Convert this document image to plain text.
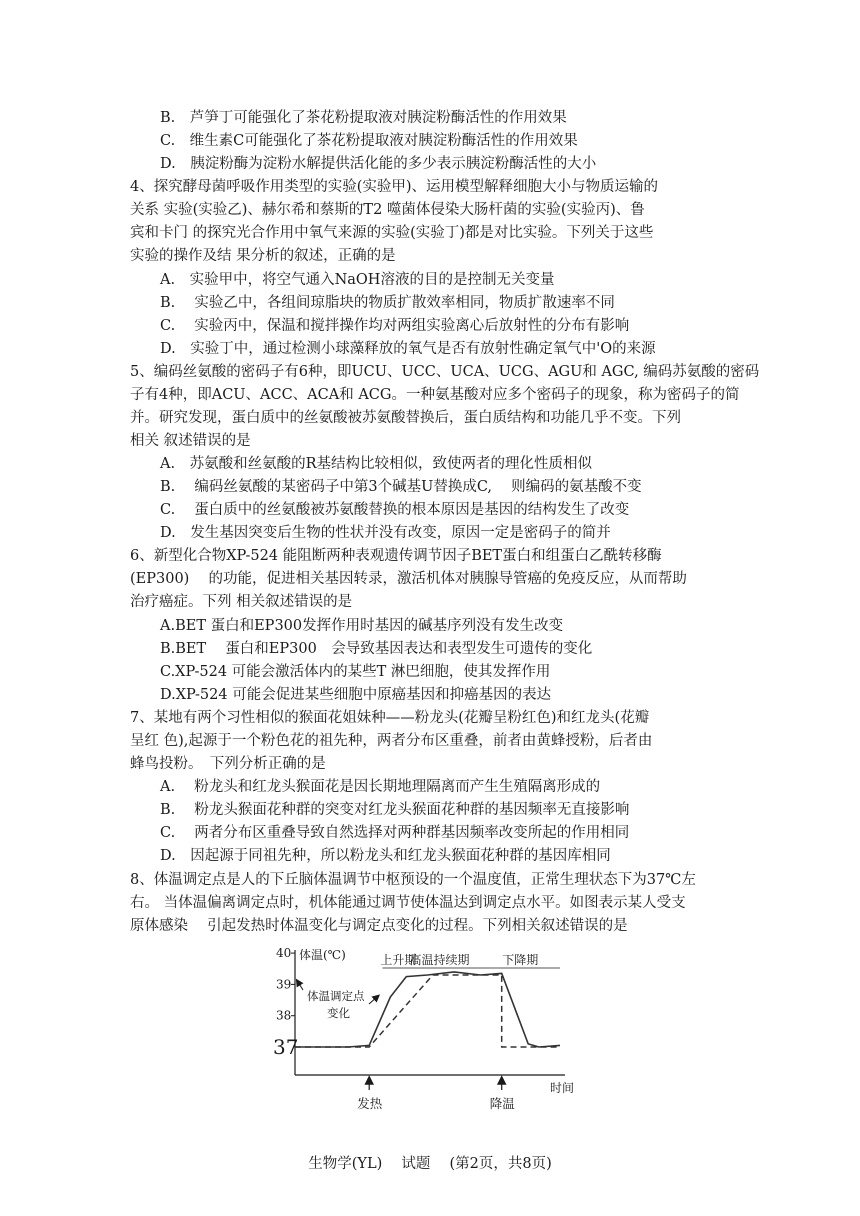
B.　芦笋丁可能强化了茶花粉提取液对胰淀粉酶活性的作用效果
C.　维生素C可能强化了茶花粉提取液对胰淀粉酶活性的作用效果
D.　胰淀粉酶为淀粉水解提供活化能的多少表示胰淀粉酶活性的大小
4、探究酵母菌呼吸作用类型的实验(实验甲)、运用模型解释细胞大小与物质运输的
关系 实验(实验乙)、赫尔希和蔡斯的T2 噬菌体侵染大肠杆菌的实验(实验丙)、鲁
宾和卡门 的探究光合作用中氧气来源的实验(实验丁)都是对比实验。下列关于这些
实验的操作及结 果分析的叙述，正确的是
A.　实验甲中，将空气通入NaOH溶液的目的是控制无关变量
B.　 实验乙中，各组间琼脂块的物质扩散效率相同，物质扩散速率不同
C.　 实验丙中，保温和搅拌操作均对两组实验离心后放射性的分布有影响
D.　实验丁中，通过检测小球藻释放的氧气是否有放射性确定氧气中'O的来源
5、编码丝氨酸的密码子有6种，即UCU、UCC、UCA、UCG、AGU和 AGC, 编码苏氨酸的密码
子有4种，即ACU、ACC、ACA和 ACG。一种氨基酸对应多个密码子的现象，称为密码子的简
并。研究发现，蛋白质中的丝氨酸被苏氨酸替换后，蛋白质结构和功能几乎不变。下列
相关 叙述错误的是
A.　苏氨酸和丝氨酸的R基结构比较相似，致使两者的理化性质相似
B.　 编码丝氨酸的某密码子中第3个碱基U替换成C,　 则编码的氨基酸不变
C.　 蛋白质中的丝氨酸被苏氨酸替换的根本原因是基因的结构发生了改变
D.　发生基因突变后生物的性状并没有改变，原因一定是密码子的简并
6、新型化合物XP-524 能阻断两种表观遗传调节因子BET蛋白和组蛋白乙酰转移酶
(EP300)　 的功能，促进相关基因转录，激活机体对胰腺导管癌的免疫反应，从而帮助
治疗癌症。下列 相关叙述错误的是
A.BET 蛋白和EP300发挥作用时基因的碱基序列没有发生改变
B.BET　 蛋白和EP300　会导致基因表达和表型发生可遗传的变化
C.XP-524 可能会激活体内的某些T 淋巴细胞，使其发挥作用
D.XP-524 可能会促进某些细胞中原癌基因和抑癌基因的表达
7、某地有两个习性相似的猴面花姐妹种——粉龙头(花瓣呈粉红色)和红龙头(花瓣
呈红 色),起源于一个粉色花的祖先种，两者分布区重叠，前者由黄蜂授粉，后者由
蜂鸟投粉。　下列分析正确的是
A.　 粉龙头和红龙头猴面花是因长期地理隔离而产生生殖隔离形成的
B.　 粉龙头猴面花种群的突变对红龙头猴面花种群的基因频率无直接影响
C.　 两者分布区重叠导致自然选择对两种群基因频率改变所起的作用相同
D.　因起源于同祖先种，所以粉龙头和红龙头猴面花种群的基因库相同
8、体温调定点是人的下丘脑体温调节中枢预设的一个温度值，正常生理状态下为37℃左
右。 当体温偏离调定点时，机体能通过调节使体温达到调定点水平。如图表示某人受支
原体感染　 引起发热时体温变化与调定点变化的过程。下列相关叙述错误的是
40
39
38
37
体温(℃)
时间
上升期
高温持续期	下降期
体温调定点
变化
发热	降温
生物学(YL)　 试题　 (第2页，共8页)
